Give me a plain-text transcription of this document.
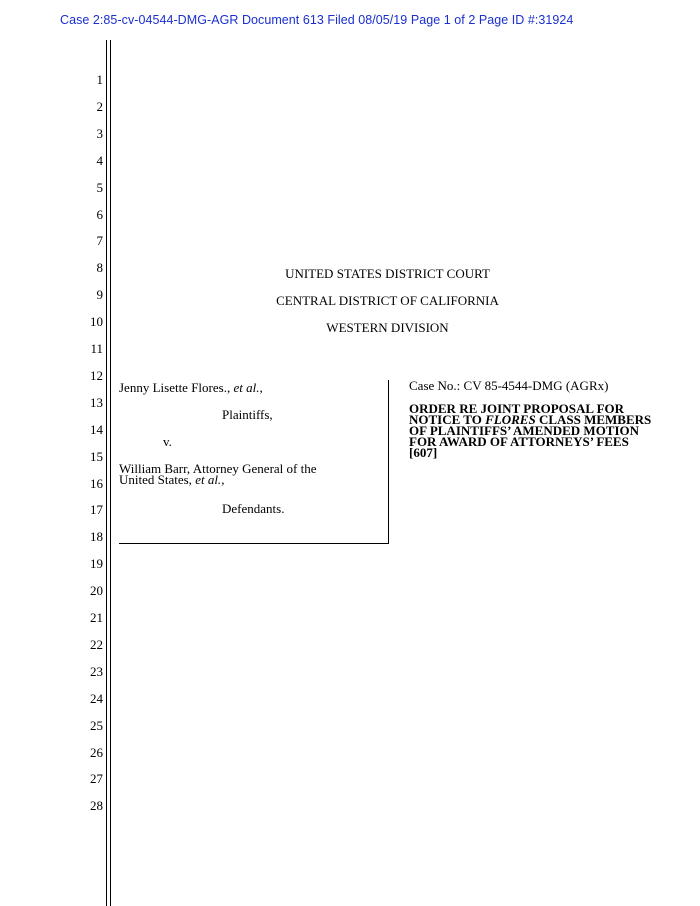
Case 2:85-cv-04544-DMG-AGR Document 613 Filed 08/05/19 Page 1 of 2 Page ID #:31924
1
2
3
4
5
6
7
8
9
10
11
12
13
14
15
16
17
18
19
20
21
22
23
24
25
26
27
28
UNITED STATES DISTRICT COURT
CENTRAL DISTRICT OF CALIFORNIA
WESTERN DIVISION
Jenny Lisette Flores., et al.,
Plaintiffs,
v.
William Barr, Attorney General of the
United States, et al.,
Defendants.
Case No.: CV 85-4544-DMG (AGRx)
ORDER RE JOINT PROPOSAL FOR NOTICE TO FLORES CLASS MEMBERS OF PLAINTIFFS’ AMENDED MOTION FOR AWARD OF ATTORNEYS’ FEES [607]
